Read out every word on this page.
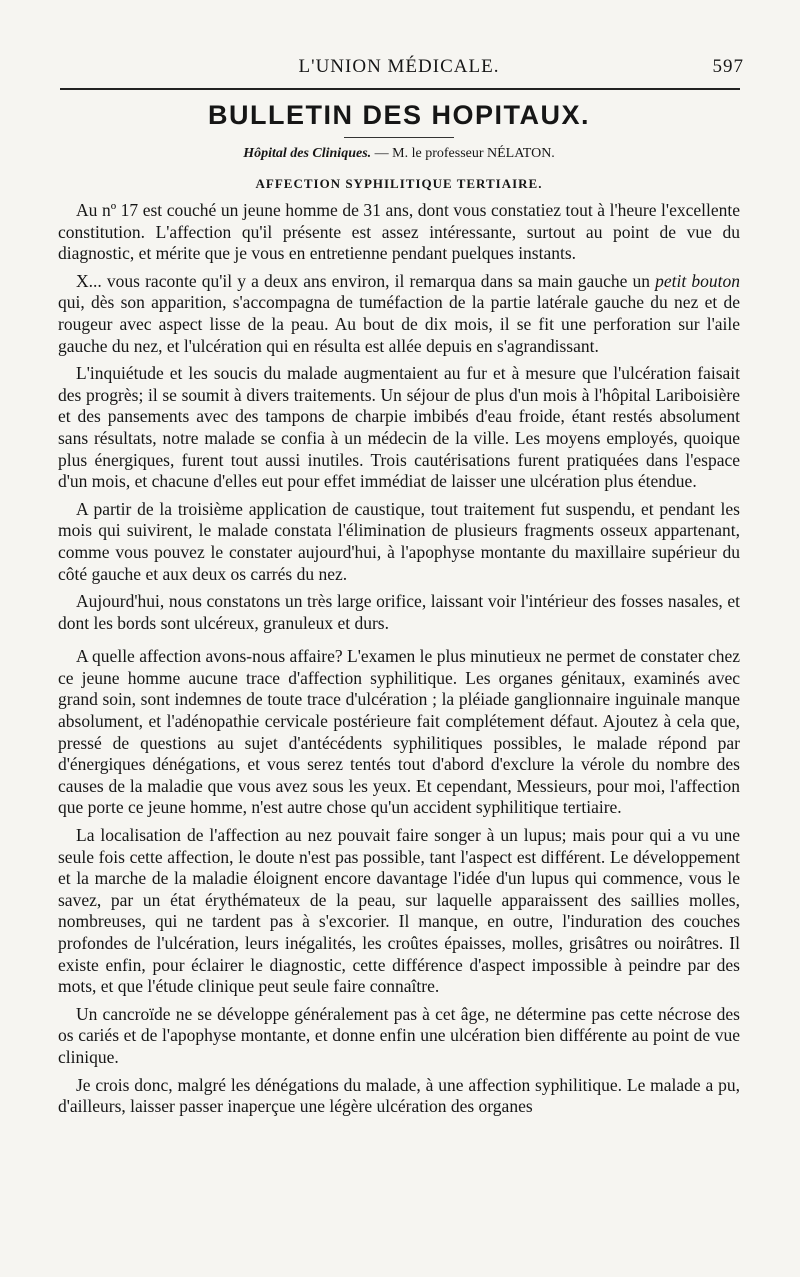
L'UNION MÉDICALE.	597
BULLETIN DES HOPITAUX.
Hôpital des Cliniques. — M. le professeur NÉLATON.
AFFECTION SYPHILITIQUE TERTIAIRE.

Au nº 17 est couché un jeune homme de 31 ans, dont vous constatiez tout à l'heure l'excellente constitution. L'affection qu'il présente est assez intéressante, surtout au point de vue du diagnostic, et mérite que je vous en entretienne pendant puelques instants.

X... vous raconte qu'il y a deux ans environ, il remarqua dans sa main gauche un petit bouton qui, dès son apparition, s'accompagna de tuméfaction de la partie latérale gauche du nez et de rougeur avec aspect lisse de la peau. Au bout de dix mois, il se fit une perforation sur l'aile gauche du nez, et l'ulcération qui en résulta est allée depuis en s'agrandissant.

L'inquiétude et les soucis du malade augmentaient au fur et à mesure que l'ulcération faisait des progrès; il se soumit à divers traitements. Un séjour de plus d'un mois à l'hôpital Lariboisière et des pansements avec des tampons de charpie imbibés d'eau froide, étant restés absolument sans résultats, notre malade se confia à un médecin de la ville. Les moyens employés, quoique plus énergiques, furent tout aussi inutiles. Trois cautérisations furent pratiquées dans l'espace d'un mois, et chacune d'elles eut pour effet immédiat de laisser une ulcération plus étendue.

A partir de la troisième application de caustique, tout traitement fut suspendu, et pendant les mois qui suivirent, le malade constata l'élimination de plusieurs fragments osseux appartenant, comme vous pouvez le constater aujourd'hui, à l'apophyse montante du maxillaire supérieur du côté gauche et aux deux os carrés du nez.

Aujourd'hui, nous constatons un très large orifice, laissant voir l'intérieur des fosses nasales, et dont les bords sont ulcéreux, granuleux et durs.

A quelle affection avons-nous affaire? L'examen le plus minutieux ne permet de constater chez ce jeune homme aucune trace d'affection syphilitique. Les organes génitaux, examinés avec grand soin, sont indemnes de toute trace d'ulcération ; la pléiade ganglionnaire inguinale manque absolument, et l'adénopathie cervicale postérieure fait complétement défaut. Ajoutez à cela que, pressé de questions au sujet d'antécédents syphilitiques possibles, le malade répond par d'énergiques dénégations, et vous serez tentés tout d'abord d'exclure la vérole du nombre des causes de la maladie que vous avez sous les yeux. Et cependant, Messieurs, pour moi, l'affection que porte ce jeune homme, n'est autre chose qu'un accident syphilitique tertiaire.

La localisation de l'affection au nez pouvait faire songer à un lupus; mais pour qui a vu une seule fois cette affection, le doute n'est pas possible, tant l'aspect est différent. Le développement et la marche de la maladie éloignent encore davantage l'idée d'un lupus qui commence, vous le savez, par un état érythémateux de la peau, sur laquelle apparaissent des saillies molles, nombreuses, qui ne tardent pas à s'excorier. Il manque, en outre, l'induration des couches profondes de l'ulcération, leurs inégalités, les croûtes épaisses, molles, grisâtres ou noirâtres. Il existe enfin, pour éclairer le diagnostic, cette différence d'aspect impossible à peindre par des mots, et que l'étude clinique peut seule faire connaître.

Un cancroïde ne se développe généralement pas à cet âge, ne détermine pas cette nécrose des os cariés et de l'apophyse montante, et donne enfin une ulcération bien différente au point de vue clinique.

Je crois donc, malgré les dénégations du malade, à une affection syphilitique. Le malade a pu, d'ailleurs, laisser passer inaperçue une légère ulcération des organes
